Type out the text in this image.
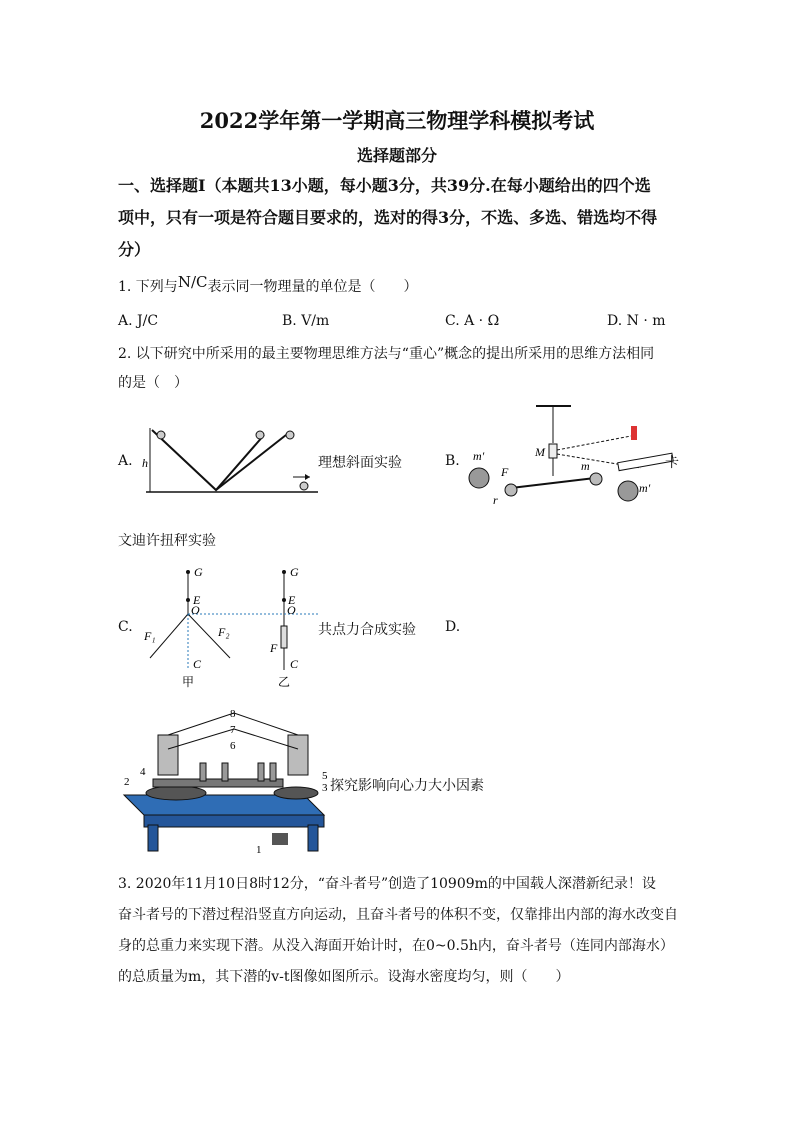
2022学年第一学期高三物理学科模拟考试
选择题部分
一、选择题Ⅰ（本题共13小题，每小题3分，共39分.在每小题给出的四个选
项中，只有一项是符合题目要求的，选对的得3分，不选、多选、错选均不得
分）
1. 下列与N/C表示同一物理量的单位是（　　）
A. J/C	B. V/m	C. A · Ω	D. N · m
2. 以下研究中所采用的最主要物理思维方法与“重心”概念的提出所采用的思维方法相同
的是（　）
A. h	理想斜面实验	B.
M
m′
m′
m
F
r
卡
文迪许扭秤实验
C.
G
E
O
C
F₁	F₂
甲
G
E
O
F
C
乙
共点力合成实验 D.
8
7
6
5
4
3
2
1
探究影响向心力大小因素
3. 2020年11月10日8时12分，“奋斗者号”创造了10909m的中国载人深潜新纪录！设
奋斗者号的下潜过程沿竖直方向运动，且奋斗者号的体积不变，仅靠排出内部的海水改变自
身的总重力来实现下潜。从没入海面开始计时，在0~0.5h内，奋斗者号（连同内部海水）
的总质量为m，其下潜的v-t图像如图所示。设海水密度均匀，则（　　）
